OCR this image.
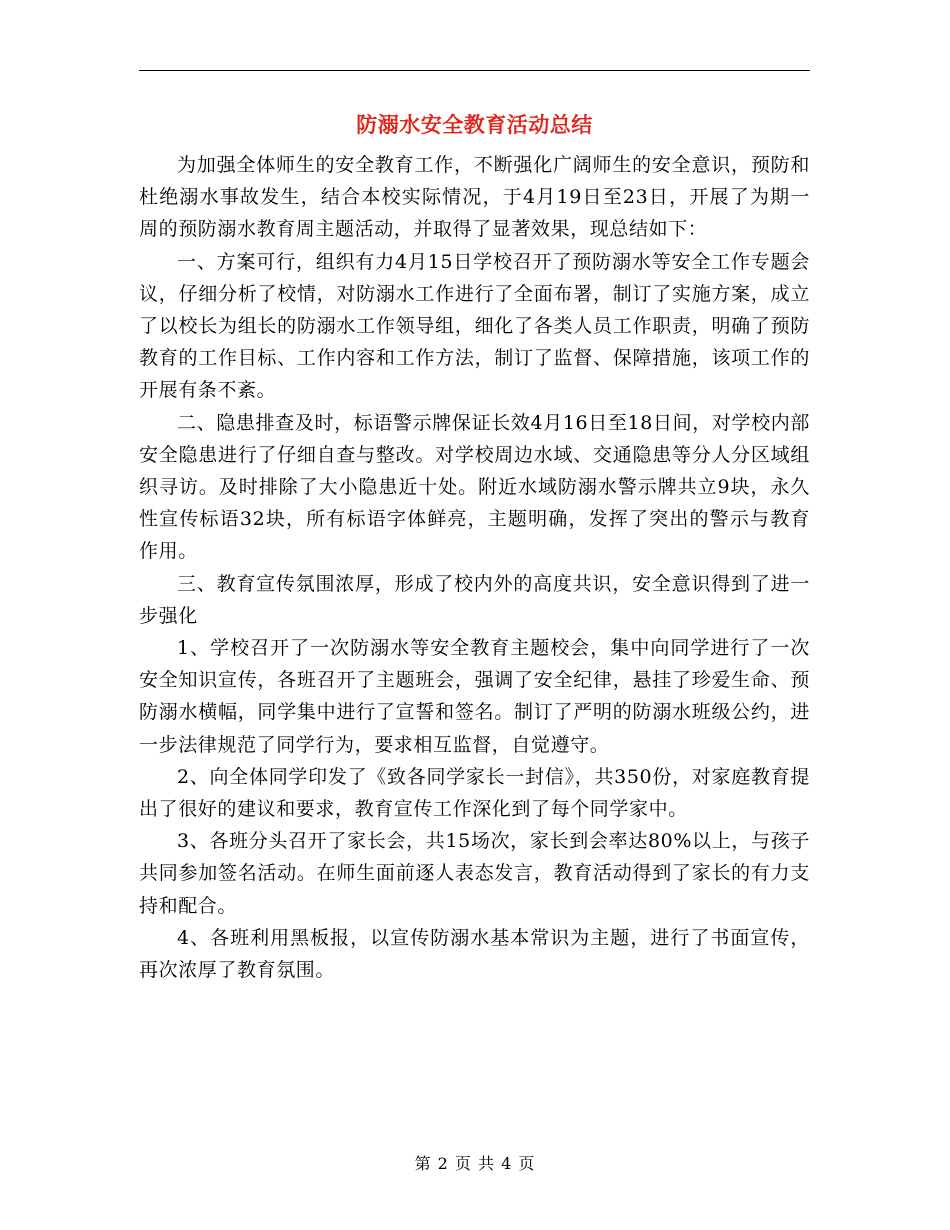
防溺水安全教育活动总结

为加强全体师生的安全教育工作，不断强化广阔师生的安全意识，预防和杜绝溺水事故发生，结合本校实际情况，于4月19日至23日，开展了为期一周的预防溺水教育周主题活动，并取得了显著效果，现总结如下：

一、方案可行，组织有力4月15日学校召开了预防溺水等安全工作专题会议，仔细分析了校情，对防溺水工作进行了全面布署，制订了实施方案，成立了以校长为组长的防溺水工作领导组，细化了各类人员工作职责，明确了预防教育的工作目标、工作内容和工作方法，制订了监督、保障措施，该项工作的开展有条不紊。

二、隐患排查及时，标语警示牌保证长效4月16日至18日间，对学校内部安全隐患进行了仔细自查与整改。对学校周边水域、交通隐患等分人分区域组织寻访。及时排除了大小隐患近十处。附近水域防溺水警示牌共立9块，永久性宣传标语32块，所有标语字体鲜亮，主题明确，发挥了突出的警示与教育作用。

三、教育宣传氛围浓厚，形成了校内外的高度共识，安全意识得到了进一步强化

1、学校召开了一次防溺水等安全教育主题校会，集中向同学进行了一次安全知识宣传，各班召开了主题班会，强调了安全纪律，悬挂了珍爱生命、预防溺水横幅，同学集中进行了宣誓和签名。制订了严明的防溺水班级公约，进一步法律规范了同学行为，要求相互监督，自觉遵守。

2、向全体同学印发了《致各同学家长一封信》，共350份，对家庭教育提出了很好的建议和要求，教育宣传工作深化到了每个同学家中。

3、各班分头召开了家长会，共15场次，家长到会率达80%以上，与孩子共同参加签名活动。在师生面前逐人表态发言，教育活动得到了家长的有力支持和配合。

4、各班利用黑板报，以宣传防溺水基本常识为主题，进行了书面宣传，再次浓厚了教育氛围。

第 2 页 共 4 页
